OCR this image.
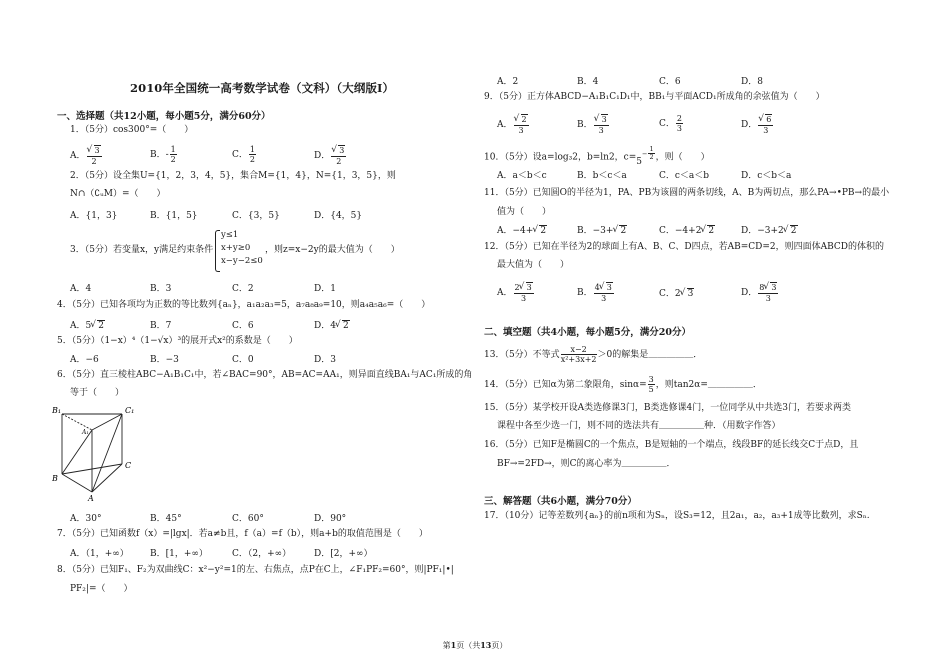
2010年全国统一高考数学试卷（文科）（大纲版Ⅰ）
一、选择题（共12小题，每小题5分，满分60分）
1．（5分）cos300°=（　　）
A． √ $\frac{3}{2}$	B．- $\frac{1}{2}$	C． $\frac{1}{2}$	D． √ $\frac{3}{2}$
2．（5分）设全集U={1，2，3，4，5}，集合M={1，4}，N={1，3，5}，则
N∩（∁ᵤM）=（　　）
A．{1，3}	B．{1，5}	C．{3，5}	D．{4，5}
3．（5分）若变量x，y满足约束条件
y≤1
x+y≥0
x−y−2≤0
，则z=x−2y的最大值为（　　）
A．4	B．3	C．2	D．1
4．（5分）已知各项均为正数的等比数列{aₙ}，a₁a₂a₃=5，a₇a₈a₉=10，则a₄a₅a₆=（　　）
A．5 √ 2	B．7	C．6	D．4 √ 2
5．（5分）（1−x）⁴（1−√x）³的展开式x²的系数是（　　）
A．−6	B．−3	C．0	D．3
6．（5分）直三棱柱ABC−A₁B₁C₁中，若∠BAC=90°，AB=AC=AA₁，则异面直线BA₁与AC₁所成的角
等于（　　）
B₁	C₁
A₁
B
C
A
A．30°	B．45°	C．60°	D．90°
7．（5分）已知函数f（x）=|lgx|．若a≠b且，f（a）=f（b），则a+b的取值范围是（　　）
A．（1，+∞） B．[1，+∞）	C．（2，+∞）	D．[2，+∞）
8．（5分）已知F₁、F₂为双曲线C：x²−y²=1的左、右焦点，点P在C上，∠F₁PF₂=60°，则|PF₁|•|
PF₂|=（　　）
A．2	B．4	C．6	D．8
9．（5分）正方体ABCD−A₁B₁C₁D₁中，BB₁与平面ACD₁所成角的余弦值为（　　）
A． √ $\frac{2}{3}$	B． √ $\frac{3}{3}$	C． $\frac{2}{3}$	D． √ $\frac{6}{3}$
10．（5分）设a=log₃2，b=ln2，$c=5^{- \frac{1}{2}}$ ，则（　　）
A．a＜b＜c	B．b＜c＜a	C．c＜a＜b	D．c＜b＜a
11．（5分）已知圆O的半径为1，PA、PB为该圆的两条切线，A、B为两切点，那么PA→•PB→的最小
值为（　　）
A．−4+ √ 2	B．−3+ √ 2	C．−4+2 √ 2	D．−3+2 √ 2
12．（5分）已知在半径为2的球面上有A、B、C、D四点，若AB=CD=2，则四面体ABCD的体积的
最大值为（　　）
A． $\frac{2 √ 3}{3}$	B． $\frac{4 √ 3}{3}$	C．2 √ 3	D． $\frac{8 √ 3}{3}$
二、填空题（共4小题，每小题5分，满分20分）
13．（5分）不等式 $\frac{x-2}{\text{x²+3x+2}} >0$的解集是＿＿＿＿＿．
14．（5分）已知α为第二象限角，$\sin\alpha= \frac{3}{5}$ ，则tan2α=＿＿＿＿＿．
15．（5分）某学校开设A类选修课3门，B类选修课4门，一位同学从中共选3门，若要求两类
课程中各至少选一门，则不同的选法共有＿＿＿＿＿种．（用数字作答）
16．（5分）已知F是椭圆C的一个焦点，B是短轴的一个端点，线段BF的延长线交C于点D，且
BF→=2FD→，则C的离心率为＿＿＿＿＿．
三、解答题（共6小题，满分70分）
17．（10分）记等差数列{aₙ}的前n项和为Sₙ，设S₃=12，且2a₁，a₂，a₃+1成等比数列，求Sₙ.
第1页（共13页）
